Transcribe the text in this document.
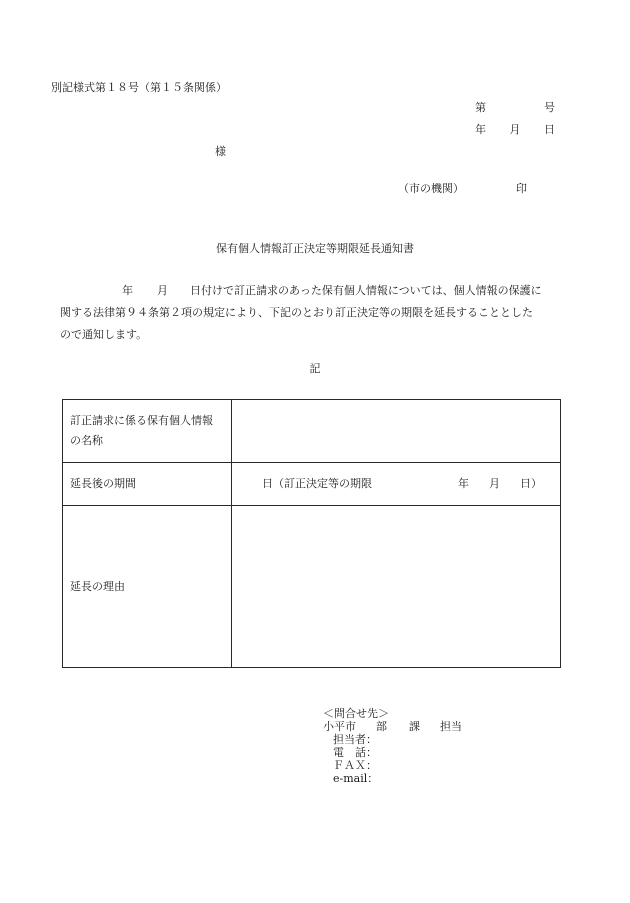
別記様式第１８号（第１５条関係）
第	号
年 月 日
様
（市の機関）	印
保有個人情報訂正決定等期限延長通知書

年 月 日付けで訂正請求のあった保有個人情報については、個人情報の保護に

関する法律第９４条第２項の規定により、下記のとおり訂正決定等の期限を延長することとした

ので通知します。

記
訂正請求に係る保有個人情報
の名称	

延長後の期間	日（訂正決定等の期限 年 月 日）
延長の理由	
＜問合せ先＞
小平市 部 課 担当
担当者：
電　話：
ＦＡＸ：
e-mail：
